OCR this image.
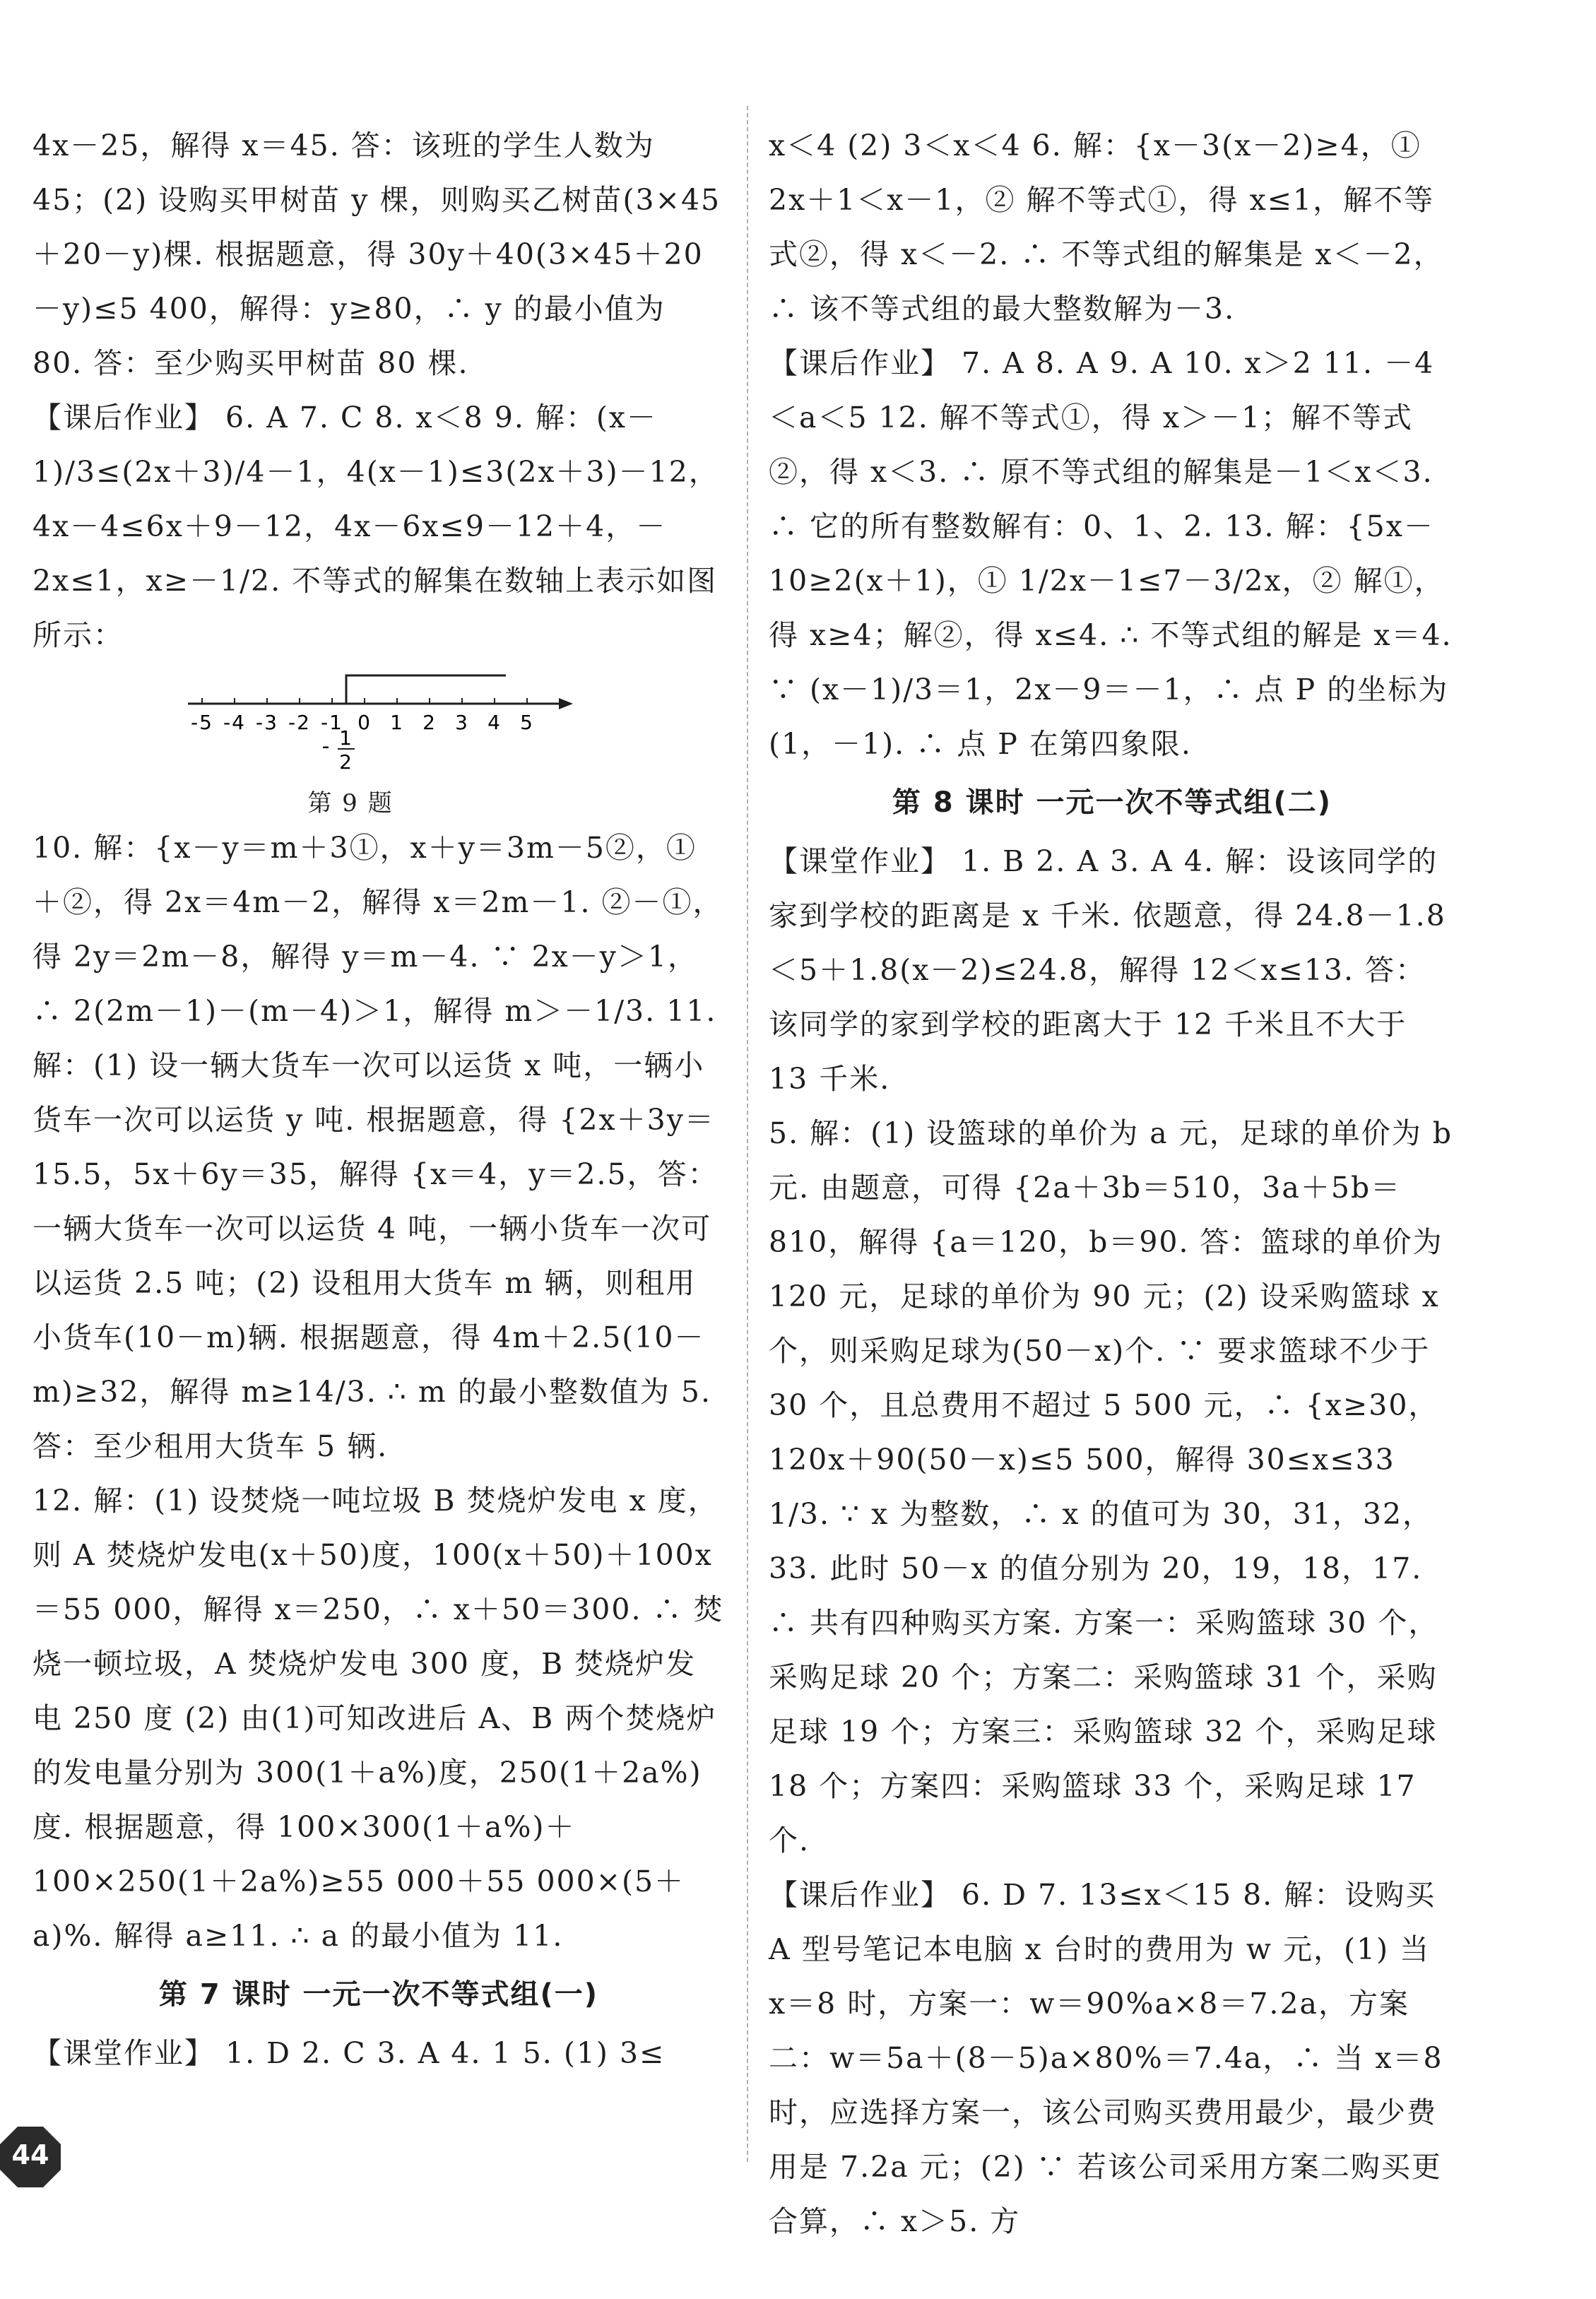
4x－25，解得 x＝45. 答：该班的学生人数为 45；(2) 设购买甲树苗 y 棵，则购买乙树苗(3×45＋20－y)棵. 根据题意，得 30y＋40(3×45＋20－y)≤5 400，解得：y≥80，∴ y 的最小值为 80. 答：至少购买甲树苗 80 棵.

【课后作业】 6. A 7. C 8. x＜8 9. 解：(x－1)/3≤(2x＋3)/4－1，4(x－1)≤3(2x＋3)－12，4x－4≤6x＋9－12，4x－6x≤9－12＋4，－2x≤1，x≥－1/2. 不等式的解集在数轴上表示如图所示：

-5 -4 -3 -2 -1 0 1 2 3 4 5
- 1
2
第 9 题

10. 解：{x－y＝m＋3①，x＋y＝3m－5②，①＋②，得 2x＝4m－2，解得 x＝2m－1. ②－①，得 2y＝2m－8，解得 y＝m－4. ∵ 2x－y＞1，∴ 2(2m－1)－(m－4)＞1，解得 m＞－1/3. 11. 解：(1) 设一辆大货车一次可以运货 x 吨，一辆小货车一次可以运货 y 吨. 根据题意，得 {2x＋3y＝15.5，5x＋6y＝35，解得 {x＝4，y＝2.5，答：一辆大货车一次可以运货 4 吨，一辆小货车一次可以运货 2.5 吨；(2) 设租用大货车 m 辆，则租用小货车(10－m)辆. 根据题意，得 4m＋2.5(10－m)≥32，解得 m≥14/3. ∴ m 的最小整数值为 5. 答：至少租用大货车 5 辆.

12. 解：(1) 设焚烧一吨垃圾 B 焚烧炉发电 x 度，则 A 焚烧炉发电(x＋50)度，100(x＋50)＋100x＝55 000，解得 x＝250，∴ x＋50＝300. ∴ 焚烧一顿垃圾，A 焚烧炉发电 300 度，B 焚烧炉发电 250 度 (2) 由(1)可知改进后 A、B 两个焚烧炉的发电量分别为 300(1＋a%)度，250(1＋2a%)度. 根据题意，得 100×300(1＋a%)＋100×250(1＋2a%)≥55 000＋55 000×(5＋a)%. 解得 a≥11. ∴ a 的最小值为 11.

第 7 课时 一元一次不等式组(一)

【课堂作业】 1. D 2. C 3. A 4. 1 5. (1) 3≤

x＜4 (2) 3＜x＜4 6. 解：{x－3(x－2)≥4，① 2x＋1＜x－1，② 解不等式①，得 x≤1，解不等式②，得 x＜－2. ∴ 不等式组的解集是 x＜－2，∴ 该不等式组的最大整数解为－3.

【课后作业】 7. A 8. A 9. A 10. x＞2 11. －4＜a＜5 12. 解不等式①，得 x＞－1；解不等式②，得 x＜3. ∴ 原不等式组的解集是－1＜x＜3. ∴ 它的所有整数解有：0、1、2. 13. 解：{5x－10≥2(x＋1)，① 1/2x－1≤7－3/2x，② 解①，得 x≥4；解②，得 x≤4. ∴ 不等式组的解是 x＝4. ∵ (x－1)/3＝1，2x－9＝－1，∴ 点 P 的坐标为(1，－1). ∴ 点 P 在第四象限.

第 8 课时 一元一次不等式组(二)

【课堂作业】 1. B 2. A 3. A 4. 解：设该同学的家到学校的距离是 x 千米. 依题意，得 24.8－1.8＜5＋1.8(x－2)≤24.8，解得 12＜x≤13. 答：该同学的家到学校的距离大于 12 千米且不大于 13 千米.

5. 解：(1) 设篮球的单价为 a 元，足球的单价为 b 元. 由题意，可得 {2a＋3b＝510，3a＋5b＝810，解得 {a＝120，b＝90. 答：篮球的单价为 120 元，足球的单价为 90 元；(2) 设采购篮球 x 个，则采购足球为(50－x)个. ∵ 要求篮球不少于 30 个，且总费用不超过 5 500 元，∴ {x≥30，120x＋90(50－x)≤5 500，解得 30≤x≤33 1/3. ∵ x 为整数，∴ x 的值可为 30，31，32，33. 此时 50－x 的值分别为 20，19，18，17. ∴ 共有四种购买方案. 方案一：采购篮球 30 个，采购足球 20 个；方案二：采购篮球 31 个，采购足球 19 个；方案三：采购篮球 32 个，采购足球 18 个；方案四：采购篮球 33 个，采购足球 17 个.

【课后作业】 6. D 7. 13≤x＜15 8. 解：设购买 A 型号笔记本电脑 x 台时的费用为 w 元，(1) 当 x＝8 时，方案一：w＝90%a×8＝7.2a，方案二：w＝5a＋(8－5)a×80%＝7.4a，∴ 当 x＝8 时，应选择方案一，该公司购买费用最少，最少费用是 7.2a 元；(2) ∵ 若该公司采用方案二购买更合算，∴ x＞5. 方

44
